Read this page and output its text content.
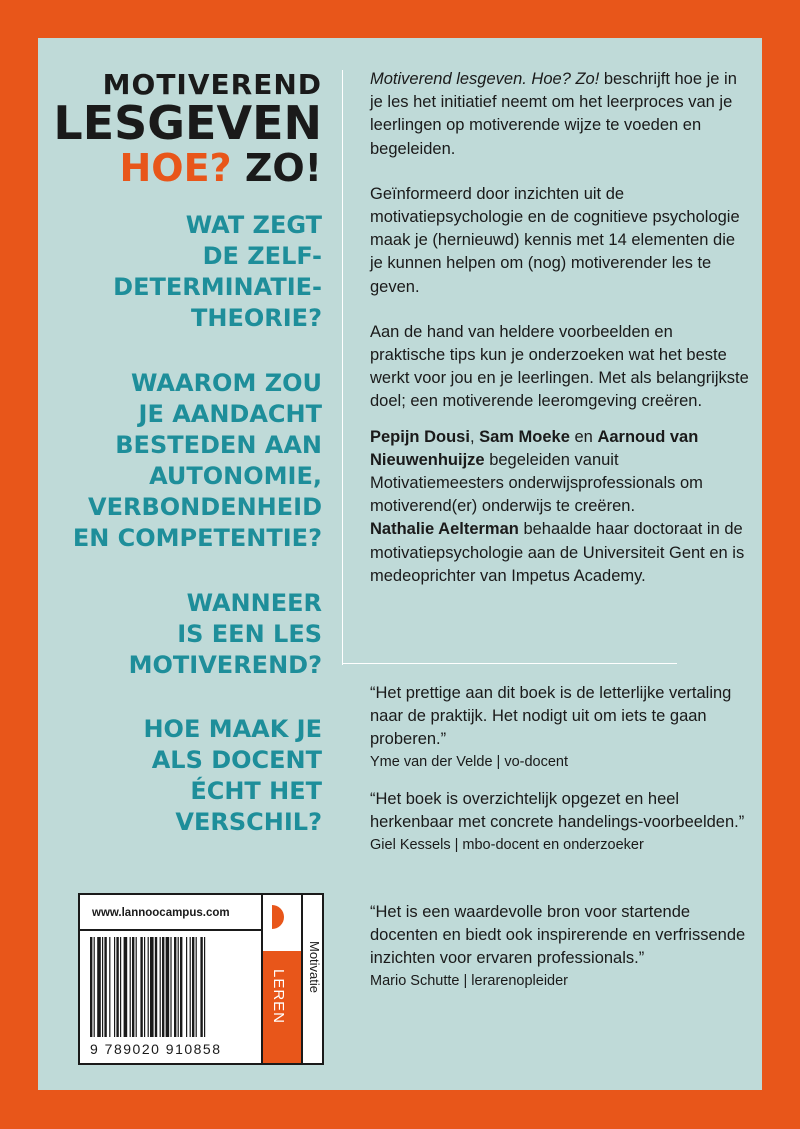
MOTIVEREND
LESGEVEN
HOE? ZO!
WAT ZEGT
DE ZELF-
DETERMINATIE-
THEORIE?
WAAROM ZOU
JE AANDACHT
BESTEDEN AAN
AUTONOMIE,
VERBONDENHEID
EN COMPETENTIE?
WANNEER
IS EEN LES
MOTIVEREND?
HOE MAAK JE
ALS DOCENT
ÉCHT HET
VERSCHIL?

Motiverend lesgeven. Hoe? Zo! beschrijft hoe je in je les het initiatief neemt om het leerproces van je leerlingen op motiverende wijze te voeden en begeleiden.

Geïnformeerd door inzichten uit de motivatiepsychologie en de cognitieve psychologie maak je (hernieuwd) kennis met 14 elementen die je kunnen helpen om (nog) motiverender les te geven.

Aan de hand van heldere voorbeelden en praktische tips kun je onderzoeken wat het beste werkt voor jou en je leerlingen. Met als belangrijkste doel; een motiverende leeromgeving creëren.

Pepijn Dousi, Sam Moeke en Aarnoud van Nieuwenhuijze begeleiden vanuit Motivatiemeesters onderwijsprofessionals om motiverend(er) onderwijs te creëren.

Nathalie Aelterman behaalde haar doctoraat in de motivatiepsychologie aan de Universiteit Gent en is medeoprichter van Impetus Academy.

“Het prettige aan dit boek is de letterlijke vertaling naar de praktijk. Het nodigt uit om iets te gaan proberen.”
Yme van der Velde | vo-docent
“Het boek is overzichtelijk opgezet en heel herkenbaar met concrete handelings-voorbeelden.”
Giel Kessels | mbo-docent en onderzoeker
“Het is een waardevolle bron voor startende docenten en biedt ook inspirerende en verfrissende inzichten voor ervaren professionals.”
Mario Schutte | lerarenopleider
www.lannoocampus.com
LEREN
Motivatie
9 789020 910858
